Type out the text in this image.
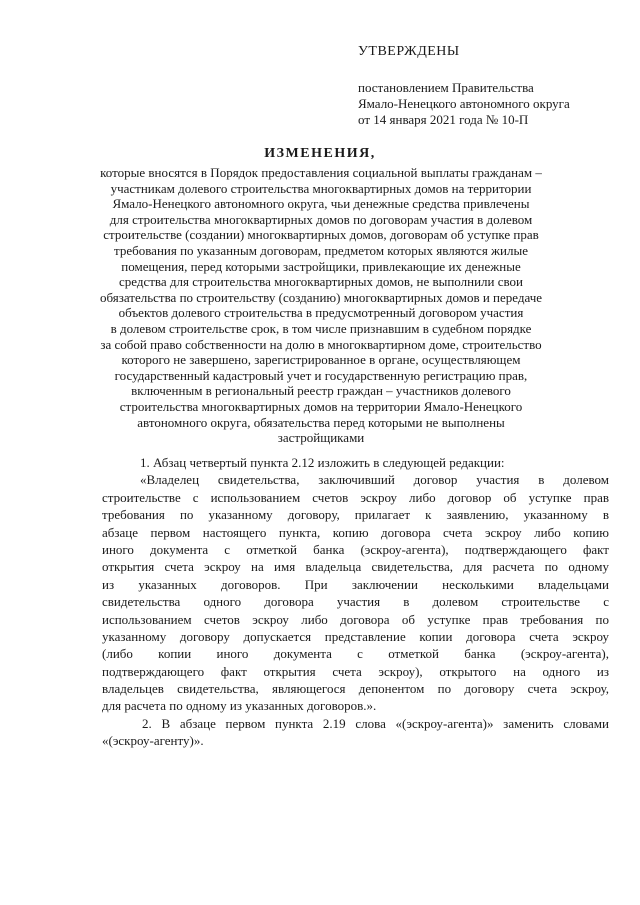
УТВЕРЖДЕНЫ
постановлением Правительства
Ямало-Ненецкого автономного округа
от 14 января 2021 года № 10-П
ИЗМЕНЕНИЯ,
которые вносятся в Порядок предоставления социальной выплаты гражданам –
участникам долевого строительства многоквартирных домов на территории
Ямало-Ненецкого автономного округа, чьи денежные средства привлечены
для строительства многоквартирных домов по договорам участия в долевом
строительстве (создании) многоквартирных домов, договорам об уступке прав
требования по указанным договорам, предметом которых являются жилые
помещения, перед которыми застройщики, привлекающие их денежные
средства для строительства многоквартирных домов, не выполнили свои
обязательства по строительству (созданию) многоквартирных домов и передаче
объектов долевого строительства в предусмотренный договором участия
в долевом строительстве срок, в том числе признавшим в судебном порядке
за собой право собственности на долю в многоквартирном доме, строительство
которого не завершено, зарегистрированное в органе, осуществляющем
государственный кадастровый учет и государственную регистрацию прав,
включенным в региональный реестр граждан – участников долевого
строительства многоквартирных домов на территории Ямало-Ненецкого
автономного округа, обязательства перед которыми не выполнены
застройщиками
1. Абзац четвертый пункта 2.12 изложить в следующей редакции:
«Владелец свидетельства, заключивший договор участия в долевом
строительстве с использованием счетов эскроу либо договор об уступке прав
требования по указанному договору, прилагает к заявлению, указанному в
абзаце первом настоящего пункта, копию договора счета эскроу либо копию
иного документа с отметкой банка (эскроу-агента), подтверждающего факт
открытия счета эскроу на имя владельца свидетельства, для расчета по одному
из указанных договоров. При заключении несколькими владельцами
свидетельства одного договора участия в долевом строительстве с
использованием счетов эскроу либо договора об уступке прав требования по
указанному договору допускается представление копии договора счета эскроу
(либо копии иного документа с отметкой банка (эскроу-агента),
подтверждающего факт открытия счета эскроу), открытого на одного из
владельцев свидетельства, являющегося депонентом по договору счета эскроу,
для расчета по одному из указанных договоров.».
2. В абзаце первом пункта 2.19 слова «(эскроу-агента)» заменить словами
«(эскроу-агенту)».
